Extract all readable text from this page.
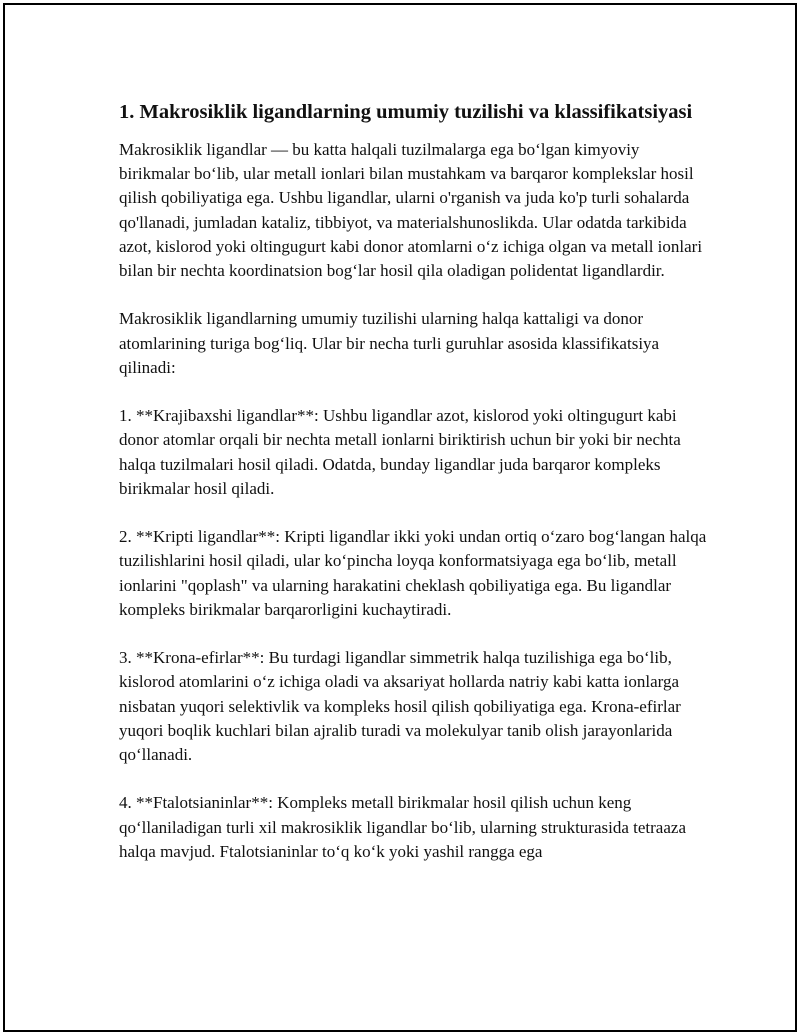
1. Makrosiklik ligandlarning umumiy tuzilishi va klassifikatsiyasi

Makrosiklik ligandlar — bu katta halqali tuzilmalarga ega bo‘lgan kimyoviy birikmalar bo‘lib, ular metall ionlari bilan mustahkam va barqaror komplekslar hosil qilish qobiliyatiga ega. Ushbu ligandlar, ularni o'rganish va juda ko'p turli sohalarda qo'llanadi, jumladan kataliz, tibbiyot, va materialshunoslikda. Ular odatda tarkibida azot, kislorod yoki oltingugurt kabi donor atomlarni o‘z ichiga olgan va metall ionlari bilan bir nechta koordinatsion bog‘lar hosil qila oladigan polidentat ligandlardir.

Makrosiklik ligandlarning umumiy tuzilishi ularning halqa kattaligi va donor atomlarining turiga bog‘liq. Ular bir necha turli guruhlar asosida klassifikatsiya qilinadi:

1. **Krajibaxshi ligandlar**: Ushbu ligandlar azot, kislorod yoki oltingugurt kabi donor atomlar orqali bir nechta metall ionlarni biriktirish uchun bir yoki bir nechta halqa tuzilmalari hosil qiladi. Odatda, bunday ligandlar juda barqaror kompleks birikmalar hosil qiladi.

2. **Kripti ligandlar**: Kripti ligandlar ikki yoki undan ortiq o‘zaro bog‘langan halqa tuzilishlarini hosil qiladi, ular ko‘pincha loyqa konformatsiyaga ega bo‘lib, metall ionlarini "qoplash" va ularning harakatini cheklash qobiliyatiga ega. Bu ligandlar kompleks birikmalar barqarorligini kuchaytiradi.

3. **Krona-efirlar**: Bu turdagi ligandlar simmetrik halqa tuzilishiga ega bo‘lib, kislorod atomlarini o‘z ichiga oladi va aksariyat hollarda natriy kabi katta ionlarga nisbatan yuqori selektivlik va kompleks hosil qilish qobiliyatiga ega. Krona-efirlar yuqori boqlik kuchlari bilan ajralib turadi va molekulyar tanib olish jarayonlarida qo‘llanadi.

4. **Ftalotsianinlar**: Kompleks metall birikmalar hosil qilish uchun keng qo‘llaniladigan turli xil makrosiklik ligandlar bo‘lib, ularning strukturasida tetraaza halqa mavjud. Ftalotsianinlar to‘q ko‘k yoki yashil rangga ega
